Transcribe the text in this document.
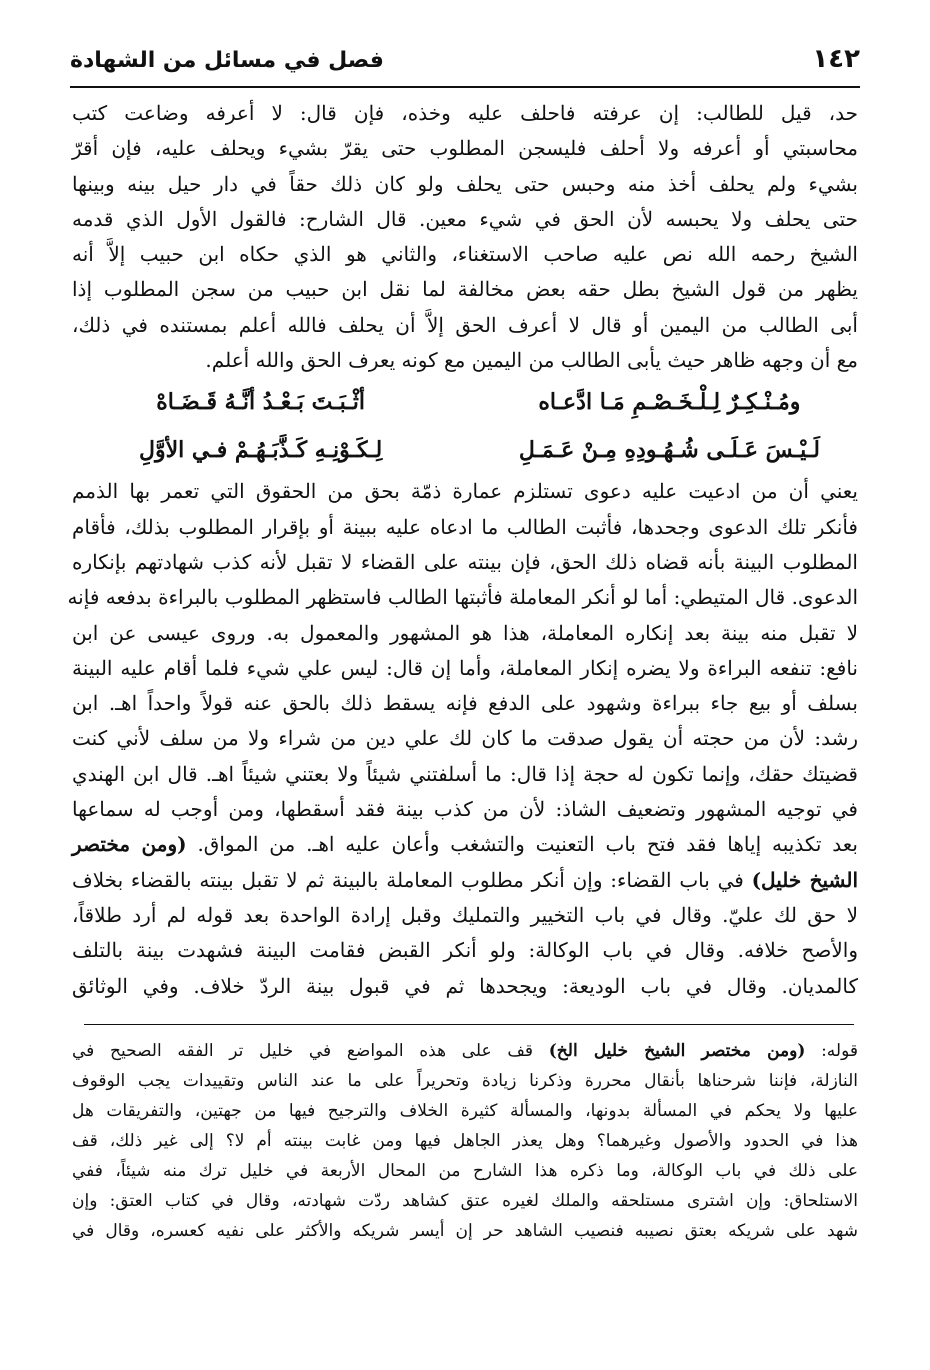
١٤٢
فصل في مسائل من الشهادة
حد، قيل للطالب: إن عرفته فاحلف عليه وخذه، فإن قال: لا أعرفه وضاعت كتب
محاسبتي أو أعرفه ولا أحلف فليسجن المطلوب حتى يقرّ بشيء ويحلف عليه، فإن أقرّ
بشيء ولم يحلف أخذ منه وحبس حتى يحلف ولو كان ذلك حقاً في دار حيل بينه وبينها
حتى يحلف ولا يحبسه لأن الحق في شيء معين. قال الشارح: فالقول الأول الذي قدمه
الشيخ رحمه الله نص عليه صاحب الاستغناء، والثاني هو الذي حكاه ابن حبيب إلاَّ أنه
يظهر من قول الشيخ بطل حقه بعض مخالفة لما نقل ابن حبيب من سجن المطلوب إذا
أبى الطالب من اليمين أو قال لا أعرف الحق إلاَّ أن يحلف فالله أعلم بمستنده في ذلك،
مع أن وجهه ظاهر حيث يأبى الطالب من اليمين مع كونه يعرف الحق والله أعلم.
ومُـنْـكِـرٌ لِـلْـخَـصْـمِ مَـا ادَّعـاه
أثْـبَـتَ بَـعْـدُ أنَّـهُ قَـضَـاهْ
لَـيْـسَ عَـلَـى شُـهُـودِهِ مِـنْ عَـمَـلِ
لِـكَـوْنِـهِ كَـذَّبَـهُـمْ فـي الأوَّلِ
يعني أن من ادعيت عليه دعوى تستلزم عمارة ذمّة بحق من الحقوق التي تعمر بها الذمم
فأنكر تلك الدعوى وجحدها، فأثبت الطالب ما ادعاه عليه ببينة أو بإقرار المطلوب بذلك، فأقام
المطلوب البينة بأنه قضاه ذلك الحق، فإن بينته على القضاء لا تقبل لأنه كذب شهادتهم بإنكاره
الدعوى. قال المتيطي: أما لو أنكر المعاملة فأثبتها الطالب فاستظهر المطلوب بالبراءة بدفعه فإنه
لا تقبل منه بينة بعد إنكاره المعاملة، هذا هو المشهور والمعمول به. وروى عيسى عن ابن
نافع: تنفعه البراءة ولا يضره إنكار المعاملة، وأما إن قال: ليس علي شيء فلما أقام عليه البينة
بسلف أو بيع جاء ببراءة وشهود على الدفع فإنه يسقط ذلك بالحق عنه قولاً واحداً اهـ. ابن
رشد: لأن من حجته أن يقول صدقت ما كان لك علي دين من شراء ولا من سلف لأني كنت
قضيتك حقك، وإنما تكون له حجة إذا قال: ما أسلفتني شيئاً ولا بعتني شيئاً اهـ. قال ابن الهندي
في توجيه المشهور وتضعيف الشاذ: لأن من كذب بينة فقد أسقطها، ومن أوجب له سماعها
بعد تكذيبه إياها فقد فتح باب التعنيت والتشغب وأعان عليه اهـ. من المواق. (ومن مختصر
الشيخ خليل) في باب القضاء: وإن أنكر مطلوب المعاملة بالبينة ثم لا تقبل بينته بالقضاء بخلاف
لا حق لك عليّ. وقال في باب التخيير والتمليك وقبل إرادة الواحدة بعد قوله لم أرد طلاقاً،
والأصح خلافه. وقال في باب الوكالة: ولو أنكر القبض فقامت البينة فشهدت بينة بالتلف
كالمديان. وقال في باب الوديعة: ويجحدها ثم في قبول بينة الردّ خلاف. وفي الوثائق
قوله: (ومن مختصر الشيخ خليل الخ) قف على هذه المواضع في خليل تر الفقه الصحيح في
النازلة، فإننا شرحناها بأنقال محررة وذكرنا زيادة وتحريراً على ما عند الناس وتقييدات يجب الوقوف
عليها ولا يحكم في المسألة بدونها، والمسألة كثيرة الخلاف والترجيح فيها من جهتين، والتفريقات هل
هذا في الحدود والأصول وغيرهما؟ وهل يعذر الجاهل فيها ومن غابت بينته أم لا؟ إلى غير ذلك، قف
على ذلك في باب الوكالة، وما ذكره هذا الشارح من المحال الأربعة في خليل ترك منه شيئاً، ففي
الاستلحاق: وإن اشترى مستلحقه والملك لغيره عتق كشاهد ردّت شهادته، وقال في كتاب العتق: وإن
شهد على شريكه بعتق نصيبه فنصيب الشاهد حر إن أيسر شريكه والأكثر على نفيه كعسره، وقال في
